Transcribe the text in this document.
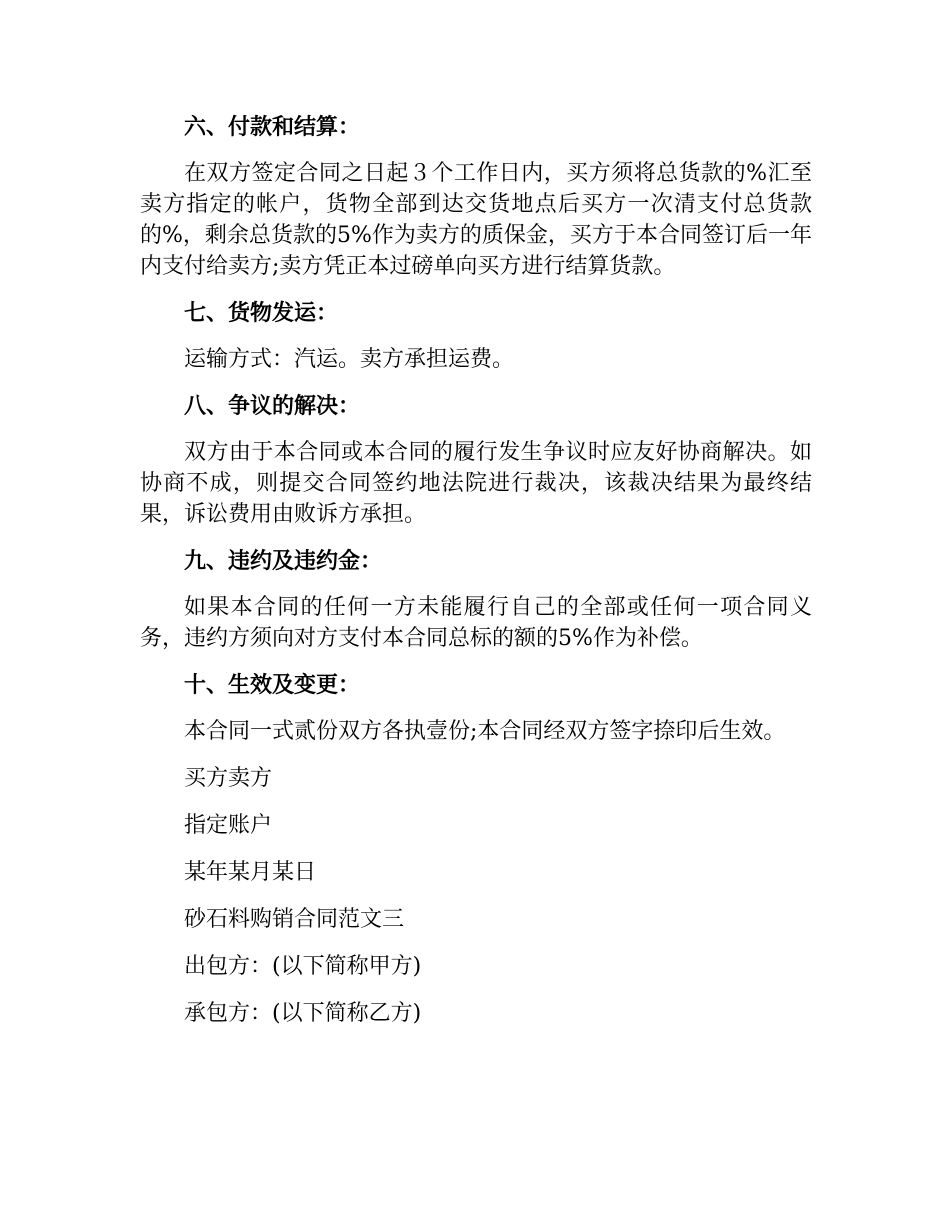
六、付款和结算：
在双方签定合同之日起３个工作日内，买方须将总货款的%汇至卖方指定的帐户，货物全部到达交货地点后买方一次清支付总货款的%，剩余总货款的5%作为卖方的质保金，买方于本合同签订后一年内支付给卖方;卖方凭正本过磅单向买方进行结算货款。
七、货物发运：
运输方式：汽运。卖方承担运费。
八、争议的解决：
双方由于本合同或本合同的履行发生争议时应友好协商解决。如协商不成，则提交合同签约地法院进行裁决，该裁决结果为最终结果，诉讼费用由败诉方承担。
九、违约及违约金：
如果本合同的任何一方未能履行自己的全部或任何一项合同义务，违约方须向对方支付本合同总标的额的5%作为补偿。
十、生效及变更：
本合同一式贰份双方各执壹份;本合同经双方签字捺印后生效。
买方卖方
指定账户
某年某月某日
砂石料购销合同范文三
出包方：(以下简称甲方)
承包方：(以下简称乙方)
